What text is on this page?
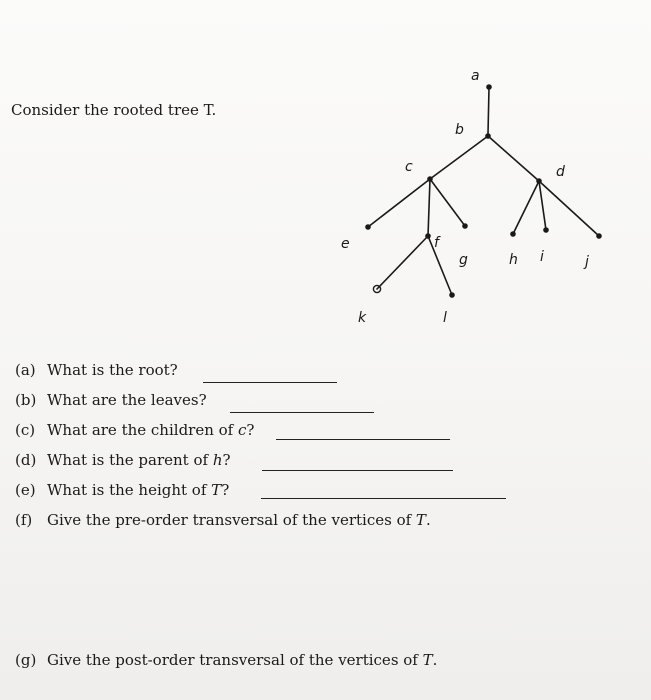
Consider the rooted tree T.
a
b
c	d
e	f
g	h i	j
k	l
(a) What is the root?
(b) What are the leaves?
(c) What are the children of c?
(d) What is the parent of h?
(e) What is the height of T?
(f) Give the pre-order transversal of the vertices of T.
(g) Give the post-order transversal of the vertices of T.
